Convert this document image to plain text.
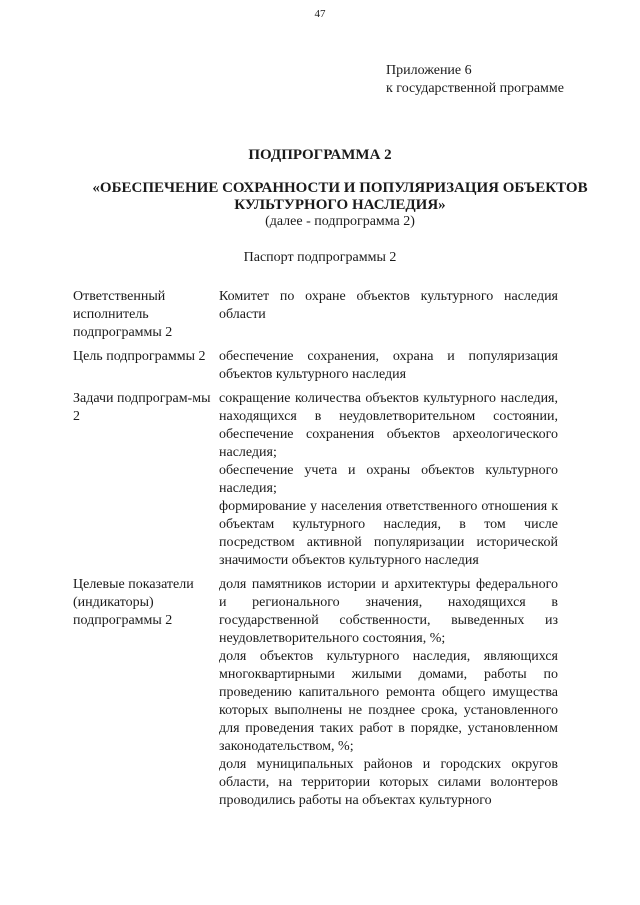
47
Приложение 6
к государственной программе
ПОДПРОГРАММА 2
«ОБЕСПЕЧЕНИЕ СОХРАННОСТИ И ПОПУЛЯРИЗАЦИЯ ОБЪЕКТОВ КУЛЬТУРНОГО НАСЛЕДИЯ»
(далее - подпрограмма 2)
Паспорт подпрограммы 2
Ответственный исполнитель подпрограммы 2

Комитет по охране объектов культурного наследия области

Цель подпрограммы 2 обеспечение сохранения, охрана и популяризация объектов культурного наследия

Задачи подпрограм-мы 2

сокращение количества объектов культурного наследия, находящихся в неудовлетворительном состоянии, обеспечение сохранения объектов археологического наследия;

обеспечение учета и охраны объектов культурного наследия;

формирование у населения ответственного отношения к объектам культурного наследия, в том числе посредством активной популяризации исторической значимости объектов культурного наследия

Целевые показатели (индикаторы) подпрограммы 2

доля памятников истории и архитектуры федерального и регионального значения, находящихся в государственной собственности, выведенных из неудовлетворительного состояния, %;

доля объектов культурного наследия, являющихся многоквартирными жилыми домами, работы по проведению капитального ремонта общего имущества которых выполнены не позднее срока, установленного для проведения таких работ в порядке, установленном законодательством, %;

доля муниципальных районов и городских округов области, на территории которых силами волонтеров проводились работы на объектах культурного
